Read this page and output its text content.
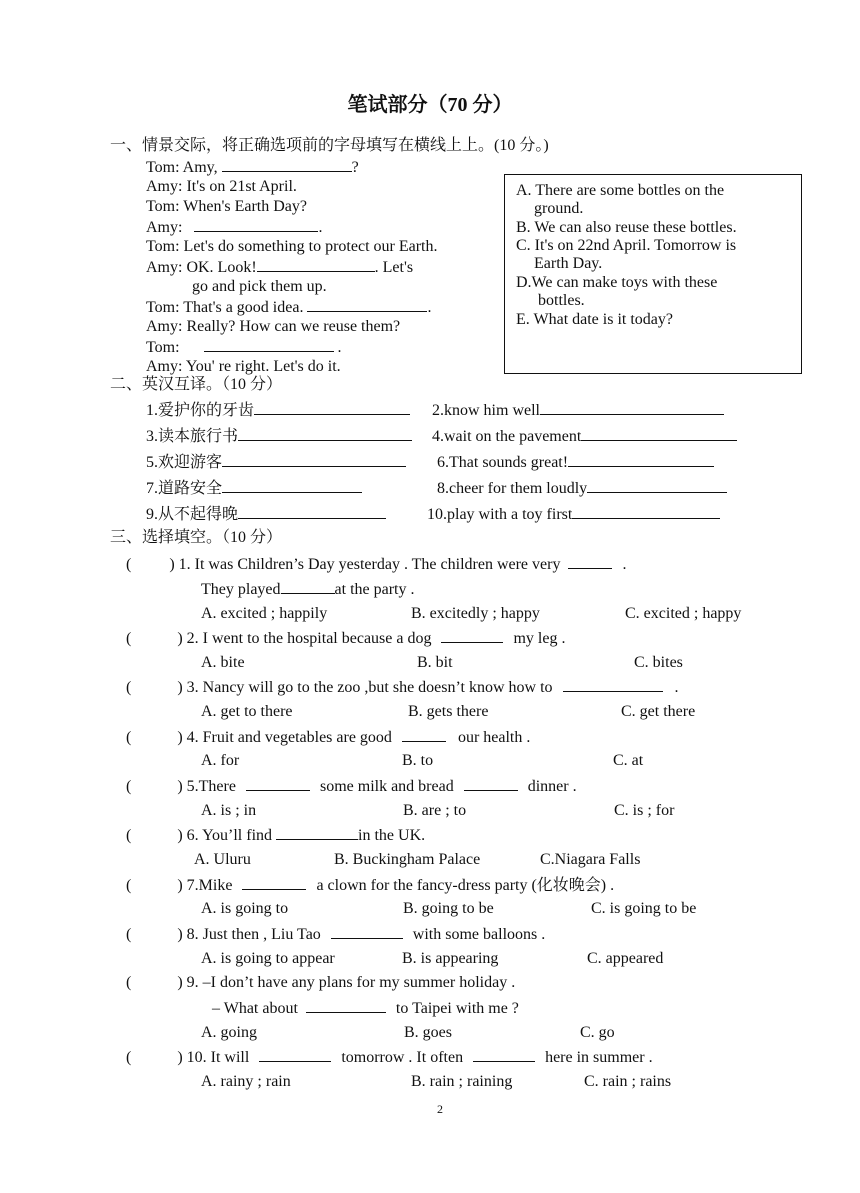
笔试部分（70 分）
一、情景交际，将正确选项前的字母填写在横线上上。(10 分。)
Tom: Amy,	?
Amy: It's on 21st April.
Tom: When's Earth Day?
Amy:	.
Tom: Let's do something to protect our Earth.
Amy: OK. Look!	. Let's
go and pick them up.
Tom: That's a good idea.	.
Amy: Really? How can we reuse them?
Tom:	.
Amy: You' re right. Let's do it.
A. There are some bottles on the
ground.
B. We can also reuse these bottles.
C. It's on 22nd April. Tomorrow is
Earth Day.
D.We can make toys with these
bottles.
E. What date is it today?
二、英汉互译。（10 分）
1.爱护你的牙齿	2.know him well
3.读本旅行书	4.wait on the pavement
5.欢迎游客	6.That sounds great!
7.道路安全	8.cheer for them loudly
9.从不起得晚	10.play with a toy first
三、选择填空。（10 分）
( ) 1. It was Children’s Day yesterday . The children were very	.
They played	at the party .
A. excited ; happily	B. excitedly ; happy	C. excited ; happy
(	) 2. I went to the hospital because a dog	my leg .
A. bite	B. bit	C. bites
(	) 3. Nancy will go to the zoo ,but she doesn’t know how to	.
A. get to there	B. gets there	C. get there
(	) 4. Fruit and vegetables are good	our health .
A. for	B. to	C. at
(	) 5.There	some milk and bread	dinner .
A. is ; in	B. are ; to	C. is ; for
(	) 6. You’ll find	in the UK.
A. Uluru	B. Buckingham Palace	C.Niagara Falls
(	) 7.Mike	a clown for the fancy-dress party (化妆晚会) .
A. is going to	B. going to be	C. is going to be
(	) 8. Just then , Liu Tao	with some balloons .
A. is going to appear	B. is appearing	C. appeared
(	) 9. –I don’t have any plans for my summer holiday .
– What about	to Taipei with me ?
A. going	B. goes	C. go
(	) 10. It will	tomorrow . It often	here in summer .
A. rainy ; rain	B. rain ; raining	C. rain ; rains
2
